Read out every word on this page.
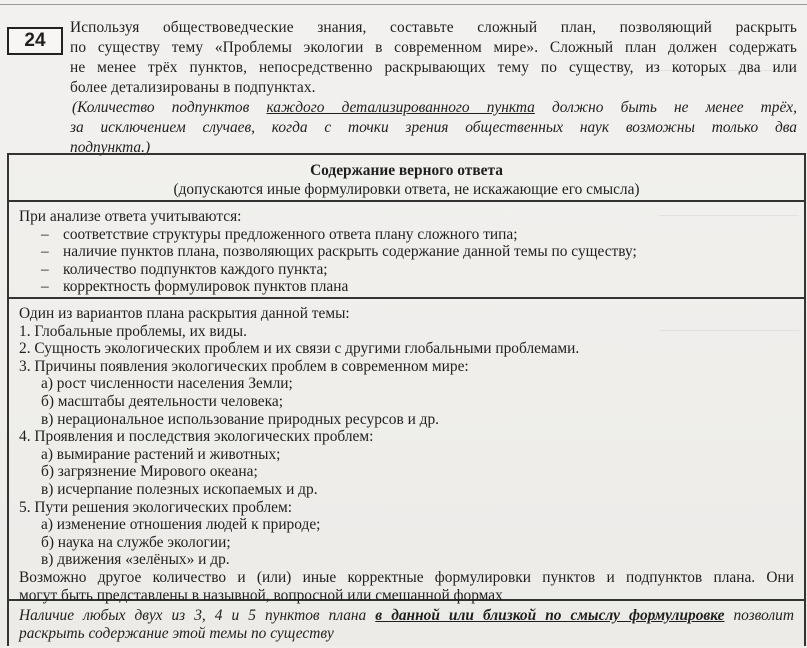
24
Используя обществоведческие знания, составьте сложный план, позволяющий раскрыть
по существу тему «Проблемы экологии в современном мире». Сложный план должен содержать
не менее трёх пунктов, непосредственно раскрывающих тему по существу, из которых два или
более детализированы в подпунктах.
(Количество подпунктов каждого детализированного пункта должно быть не менее трёх,
за исключением случаев, когда с точки зрения общественных наук возможны только два
подпункта.)
Содержание верного ответа
(допускаются иные формулировки ответа, не искажающие его смысла)
При анализе ответа учитываются:
– соответствие структуры предложенного ответа плану сложного типа;
– наличие пунктов плана, позволяющих раскрыть содержание данной темы по существу;
– количество подпунктов каждого пункта;
– корректность формулировок пунктов плана
Один из вариантов плана раскрытия данной темы:
1. Глобальные проблемы, их виды.
2. Сущность экологических проблем и их связи с другими глобальными проблемами.
3. Причины появления экологических проблем в современном мире:
а) рост численности населения Земли;
б) масштабы деятельности человека;
в) нерациональное использование природных ресурсов и др.
4. Проявления и последствия экологических проблем:
а) вымирание растений и животных;
б) загрязнение Мирового океана;
в) исчерпание полезных ископаемых и др.
5. Пути решения экологических проблем:
а) изменение отношения людей к природе;
б) наука на службе экологии;
в) движения «зелёных» и др.
Возможно другое количество и (или) иные корректные формулировки пунктов и подпунктов плана. Они
могут быть представлены в назывной, вопросной или смешанной формах
Наличие любых двух из 3, 4 и 5 пунктов плана в данной или близкой по смыслу формулировке позволит
раскрыть содержание этой темы по существу
